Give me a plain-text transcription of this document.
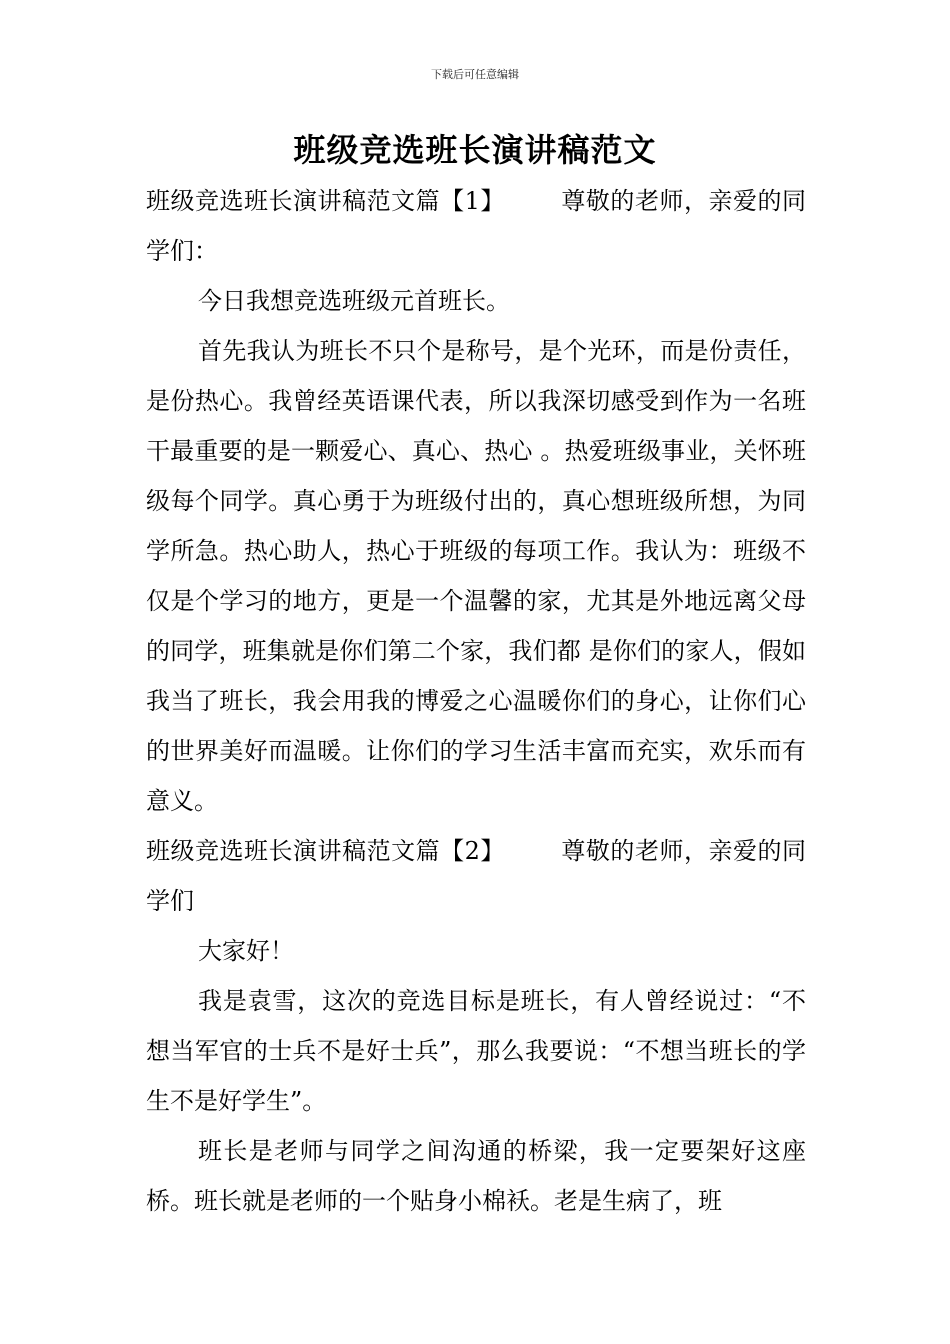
下载后可任意编辑
班级竞选班长演讲稿范文

班级竞选班长演讲稿范文篇【1】 尊敬的老师，亲爱的同学们：

今日我想竞选班级元首班长。

首先我认为班长不只个是称号，是个光环，而是份责任，是份热心。我曾经英语课代表，所以我深切感受到作为一名班干最重要的是一颗爱心、真心、热心 。热爱班级事业，关怀班级每个同学。真心勇于为班级付出的，真心想班级所想，为同学所急。热心助人，热心于班级的每项工作。我认为：班级不仅是个学习的地方，更是一个温馨的家，尤其是外地远离父母的同学，班集就是你们第二个家，我们都 是你们的家人，假如我当了班长，我会用我的博爱之心温暖你们的身心，让你们心的世界美好而温暖。让你们的学习生活丰富而充实，欢乐而有意义。

班级竞选班长演讲稿范文篇【2】 尊敬的老师，亲爱的同学们

大家好！

我是袁雪，这次的竞选目标是班长，有人曾经说过：“不想当军官的士兵不是好士兵”，那么我要说：“不想当班长的学生不是好学生”。

班长是老师与同学之间沟通的桥梁，我一定要架好这座桥。班长就是老师的一个贴身小棉袄。老是生病了，班
